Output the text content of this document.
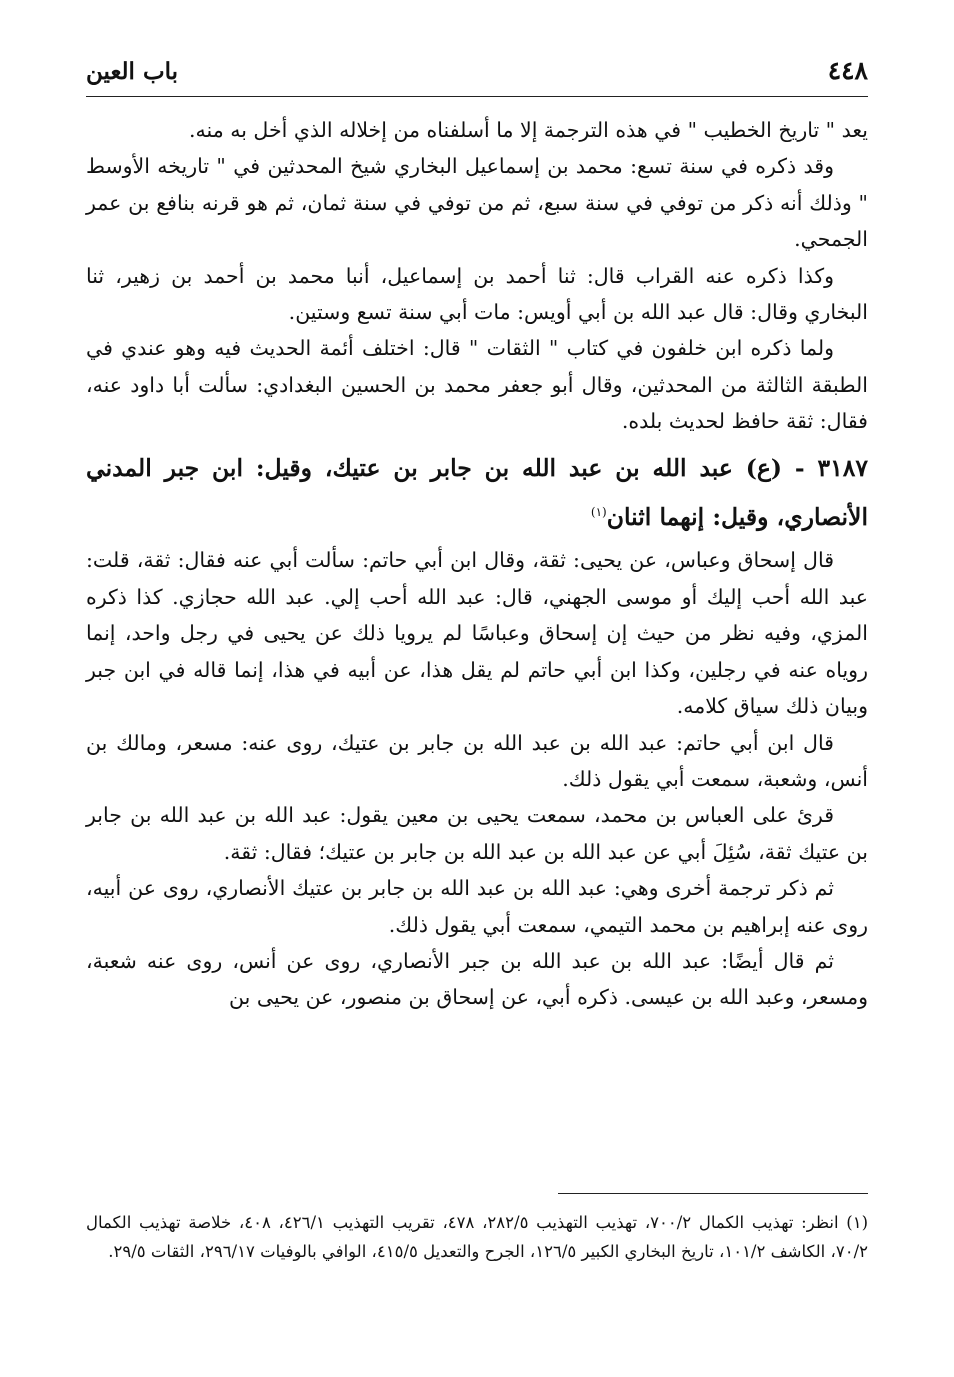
٤٤٨
باب العين

يعد " تاريخ الخطيب " في هذه الترجمة إلا ما أسلفناه من إخلاله الذي أخل به منه.

وقد ذكره في سنة تسع: محمد بن إسماعيل البخاري شيخ المحدثين في " تاريخه الأوسط " وذلك أنه ذكر من توفي في سنة سبع، ثم من توفي في سنة ثمان، ثم هو قرنه بنافع بن عمر الجمحي.

وكذا ذكره عنه القراب قال: ثنا أحمد بن إسماعيل، أنبا محمد بن أحمد بن زهير، ثنا البخاري وقال: قال عبد الله بن أبي أويس: مات أبي سنة تسع وستين.

ولما ذكره ابن خلفون في كتاب " الثقات " قال: اختلف أئمة الحديث فيه وهو عندي في الطبقة الثالثة من المحدثين، وقال أبو جعفر محمد بن الحسين البغدادي: سألت أبا داود عنه، فقال: ثقة حافظ لحديث بلده.

٣١٨٧ - (ع) عبد الله بن عبد الله بن جابر بن عتيك، وقيل: ابن جبر المدني الأنصاري، وقيل: إنهما اثنان$^{(١)}$

قال إسحاق وعباس، عن يحيى: ثقة، وقال ابن أبي حاتم: سألت أبي عنه فقال: ثقة، قلت: عبد الله أحب إليك أو موسى الجهني، قال: عبد الله أحب إلي. عبد الله حجازي. كذا ذكره المزي، وفيه نظر من حيث إن إسحاق وعباسًا لم يرويا ذلك عن يحيى في رجل واحد، إنما روياه عنه في رجلين، وكذا ابن أبي حاتم لم يقل هذا، عن أبيه في هذا، إنما قاله في ابن جبر وبيان ذلك سياق كلامه.

قال ابن أبي حاتم: عبد الله بن عبد الله بن جابر بن عتيك، روى عنه: مسعر، ومالك بن أنس، وشعبة، سمعت أبي يقول ذلك.

قرئ على العباس بن محمد، سمعت يحيى بن معين يقول: عبد الله بن عبد الله بن جابر بن عتيك ثقة، سُئِلَ أبي عن عبد الله بن عبد الله بن جابر بن عتيك؛ فقال: ثقة.

ثم ذكر ترجمة أخرى وهي: عبد الله بن عبد الله بن جابر بن عتيك الأنصاري، روى عن أبيه، روى عنه إبراهيم بن محمد التيمي، سمعت أبي يقول ذلك.

ثم قال أيضًا: عبد الله بن عبد الله بن جبر الأنصاري، روى عن أنس، روى عنه شعبة، ومسعر، وعبد الله بن عيسى. ذكره أبي، عن إسحاق بن منصور، عن يحيى بن

(١) انظر: تهذيب الكمال ٧٠٠/٢، تهذيب التهذيب ٢٨٢/٥، ٤٧٨، تقريب التهذيب ٤٢٦/١، ٤٠٨، خلاصة تهذيب الكمال ٧٠/٢، الكاشف ١٠١/٢، تاريخ البخاري الكبير ١٢٦/٥، الجرح والتعديل ٤١٥/٥، الوافي بالوفيات ٢٩٦/١٧، الثقات ٢٩/٥.
